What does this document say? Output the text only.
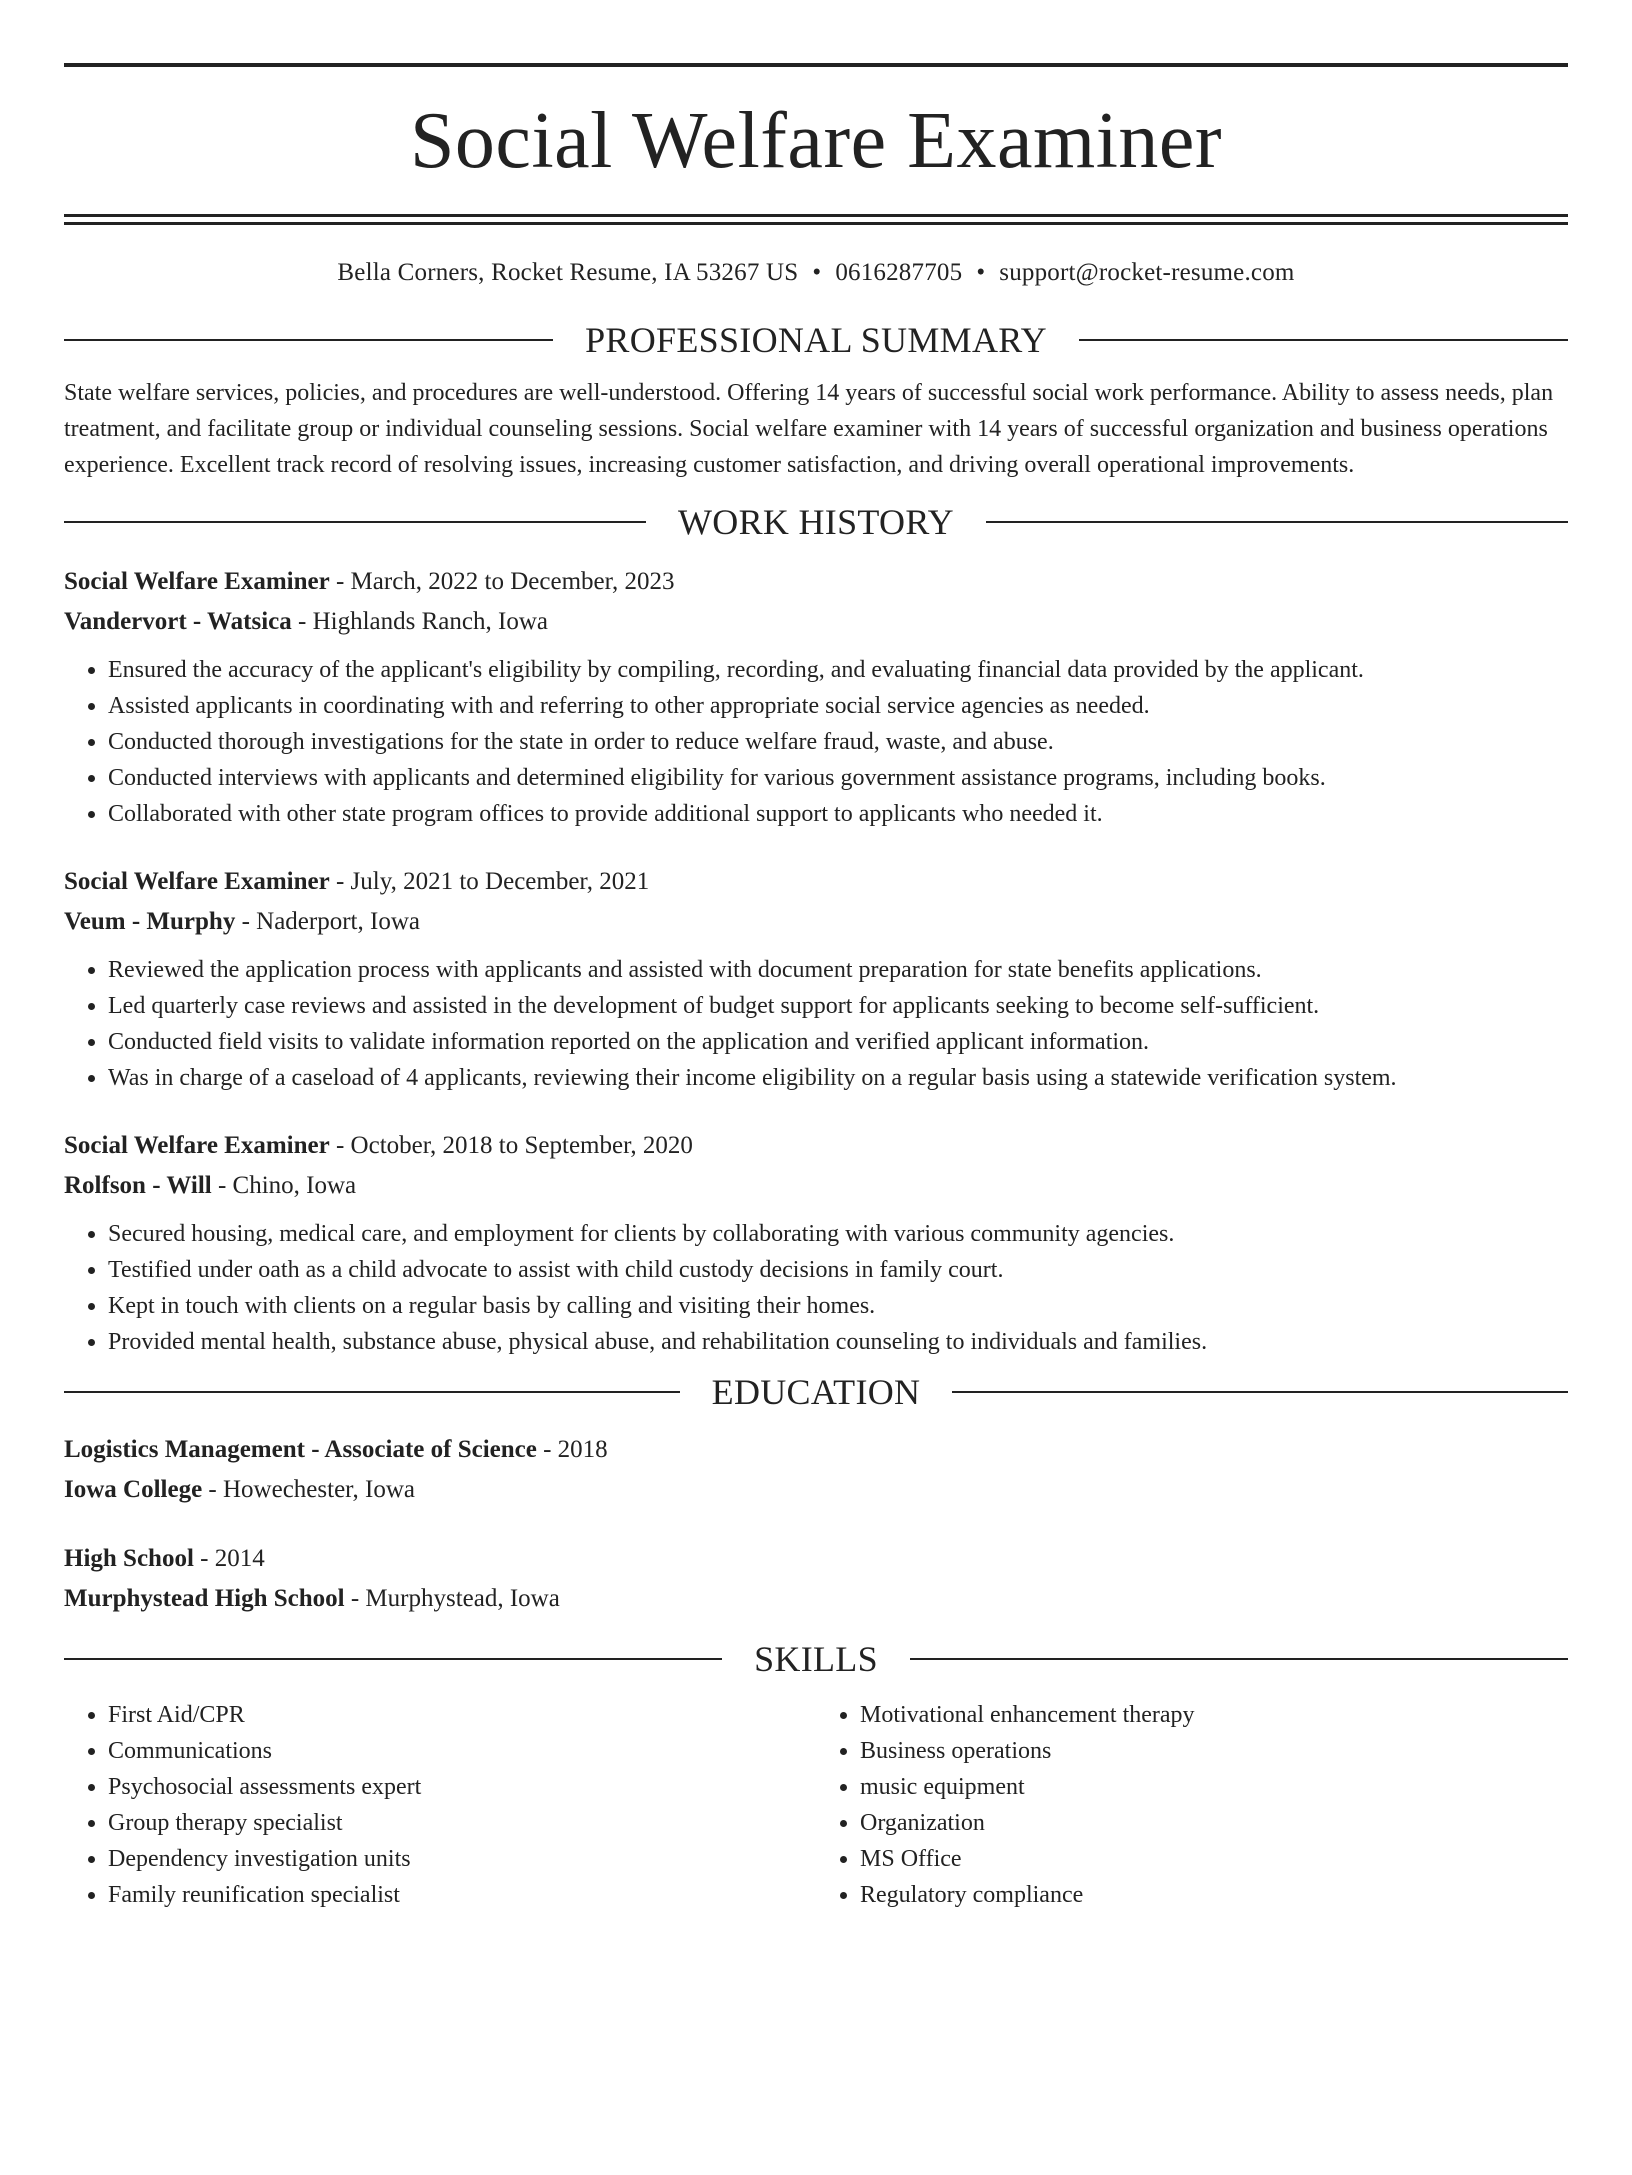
Social Welfare Examiner
Bella Corners, Rocket Resume, IA 53267 US • 0616287705 • support@rocket-resume.com
PROFESSIONAL SUMMARY
State welfare services, policies, and procedures are well-understood. Offering 14 years of successful social work performance. Ability to assess needs, plan treatment, and facilitate group or individual counseling sessions. Social welfare examiner with 14 years of successful organization and business operations experience. Excellent track record of resolving issues, increasing customer satisfaction, and driving overall operational improvements.
WORK HISTORY
Social Welfare Examiner - March, 2022 to December, 2023
Vandervort - Watsica - Highlands Ranch, Iowa
• Ensured the accuracy of the applicant's eligibility by compiling, recording, and evaluating financial data provided by the applicant.
• Assisted applicants in coordinating with and referring to other appropriate social service agencies as needed.
• Conducted thorough investigations for the state in order to reduce welfare fraud, waste, and abuse.
• Conducted interviews with applicants and determined eligibility for various government assistance programs, including books.
• Collaborated with other state program offices to provide additional support to applicants who needed it.
Social Welfare Examiner - July, 2021 to December, 2021
Veum - Murphy - Naderport, Iowa
• Reviewed the application process with applicants and assisted with document preparation for state benefits applications.
• Led quarterly case reviews and assisted in the development of budget support for applicants seeking to become self-sufficient.
• Conducted field visits to validate information reported on the application and verified applicant information.
• Was in charge of a caseload of 4 applicants, reviewing their income eligibility on a regular basis using a statewide verification system.
Social Welfare Examiner - October, 2018 to September, 2020
Rolfson - Will - Chino, Iowa
• Secured housing, medical care, and employment for clients by collaborating with various community agencies.
• Testified under oath as a child advocate to assist with child custody decisions in family court.
• Kept in touch with clients on a regular basis by calling and visiting their homes.
• Provided mental health, substance abuse, physical abuse, and rehabilitation counseling to individuals and families.
EDUCATION
Logistics Management - Associate of Science - 2018
Iowa College - Howechester, Iowa
High School - 2014
Murphystead High School - Murphystead, Iowa
SKILLS
• First Aid/CPR
• Communications
• Psychosocial assessments expert
• Group therapy specialist
• Dependency investigation units
• Family reunification specialist
• Motivational enhancement therapy
• Business operations
• music equipment
• Organization
• MS Office
• Regulatory compliance
